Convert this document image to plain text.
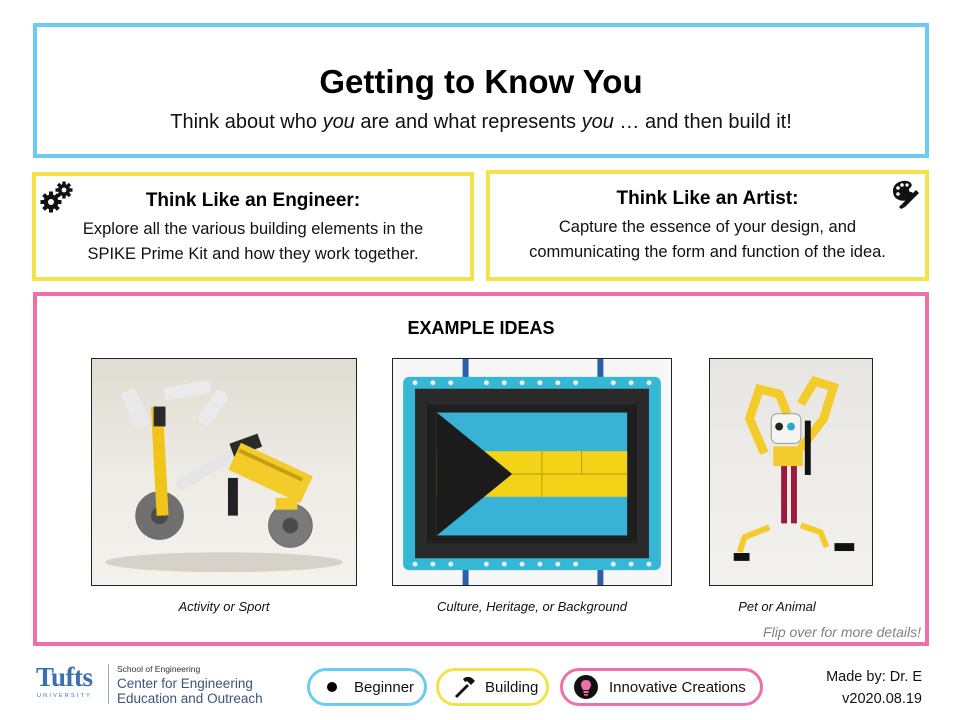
Getting to Know You
Think about who you are and what represents you … and then build it!
Think Like an Engineer:
Explore all the various building elements in the
SPIKE Prime Kit and how they work together.
Think Like an Artist:
Capture the essence of your design, and
communicating the form and function of the idea.
EXAMPLE IDEAS
Activity or Sport	Culture, Heritage, or Background	Pet or Animal
Flip over for more details!
Tufts
UNIVERSITY
School of Engineering
Center for Engineering
Education and Outreach
Beginner	Building	Innovative Creations
Made by: Dr. E
v2020.08.19
